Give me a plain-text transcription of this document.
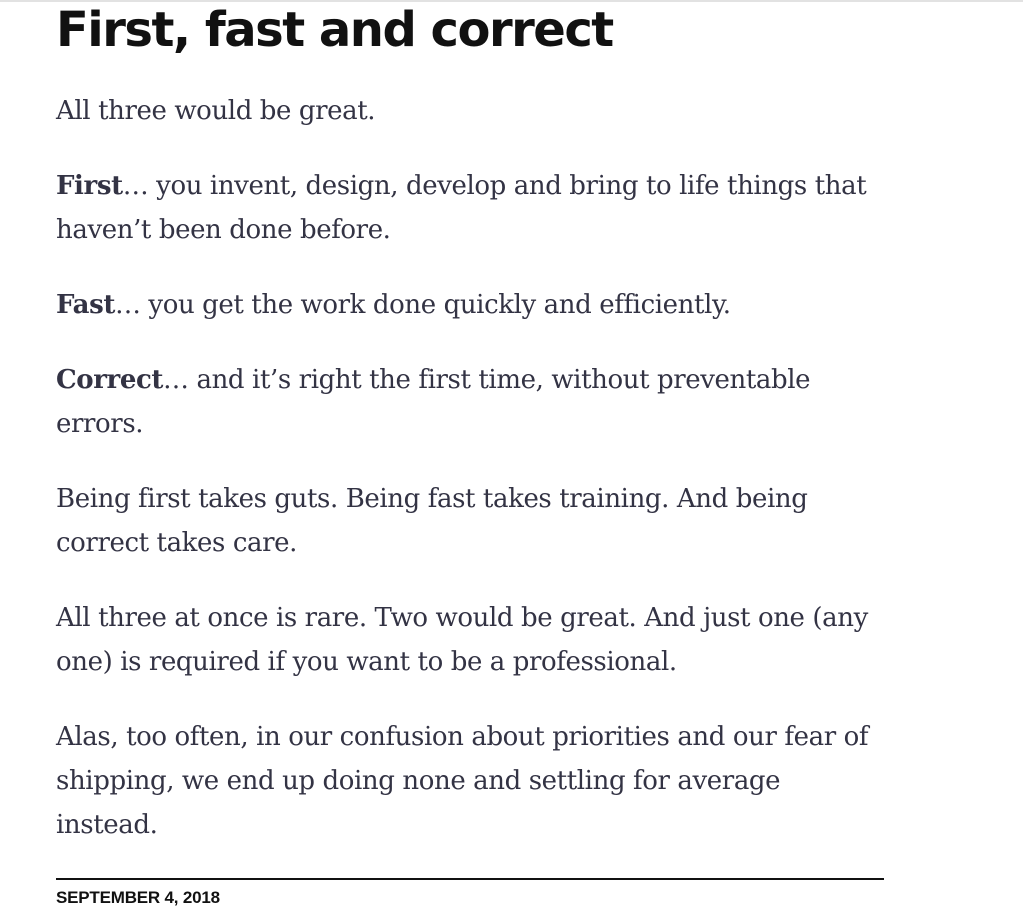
First, fast and correct

All three would be great.

First… you invent, design, develop and bring to life things that haven’t been done before.

Fast… you get the work done quickly and efficiently.

Correct… and it’s right the first time, without preventable errors.

Being first takes guts. Being fast takes training. And being correct takes care.

All three at once is rare. Two would be great. And just one (any one) is required if you want to be a professional.

Alas, too often, in our confusion about priorities and our fear of shipping, we end up doing none and settling for average instead.

SEPTEMBER 4, 2018
